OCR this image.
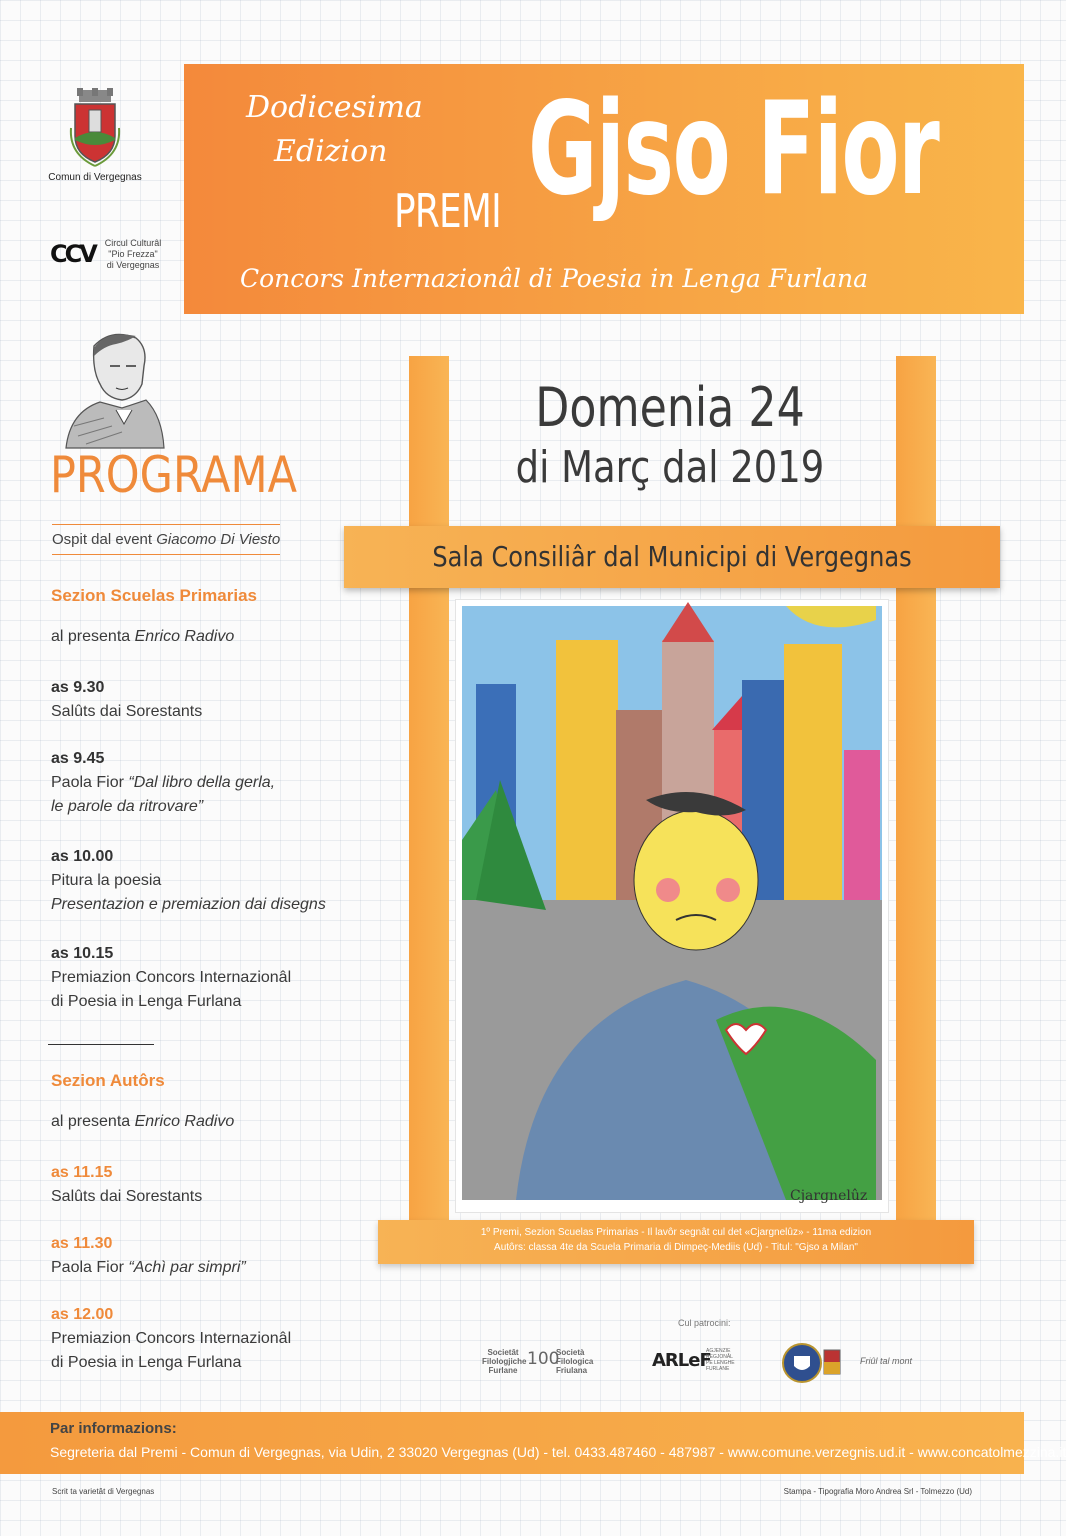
Comun di Vergegnas
CCV	Circul Culturâl
"Pio Frezza"
di Vergegnas
Dodicesima
Edizion
PREMI Gjso Fior
Concors Internazionâl di Poesia in Lenga Furlana
PROGRAMA
Ospit dal event Giacomo Di Viesto
Sezion Scuelas Primarias
al presenta Enrico Radivo
as 9.30
Salûts dai Sorestants
as 9.45
Paola Fior “Dal libro della gerla,
le parole da ritrovare”
as 10.00
Pitura la poesia
Presentazion e premiazion dai disegns
as 10.15
Premiazion Concors Internazionâl
di Poesia in Lenga Furlana
Sezion Autôrs
al presenta Enrico Radivo
as 11.15
Salûts dai Sorestants
as 11.30
Paola Fior “Achì par simpri”
as 12.00
Premiazion Concors Internazionâl
di Poesia in Lenga Furlana
Domenia 24
di Març dal 2019
Sala Consiliâr dal Municipi di Vergegnas
Cjargnelûz
1º Premi, Sezion Scuelas Primarias - Il lavôr segnât cul det «Cjargnelûz» - 11ma edizion
Autôrs: classa 4te da Scuela Primaria di Dimpeç-Mediis (Ud) - Titul: "Gjso a Milan"
Cul patrocini:
Societât
Filologjiche
Furlane
100
Società
Filologica
Friulana	ARLeF
AGJENZIE
REGJONÂL
PE LENGHE
FURLANE
Friûl tal mont
Par informazions:
Segreteria dal Premi - Comun di Vergegnas, via Udin, 2 33020 Vergegnas (Ud) - tel. 0433.487460 - 487987 - www.comune.verzegnis.ud.it - www.concatolmezzina.it
Scrit ta varietât di Vergegnas	Stampa - Tipografia Moro Andrea Srl - Tolmezzo (Ud)
